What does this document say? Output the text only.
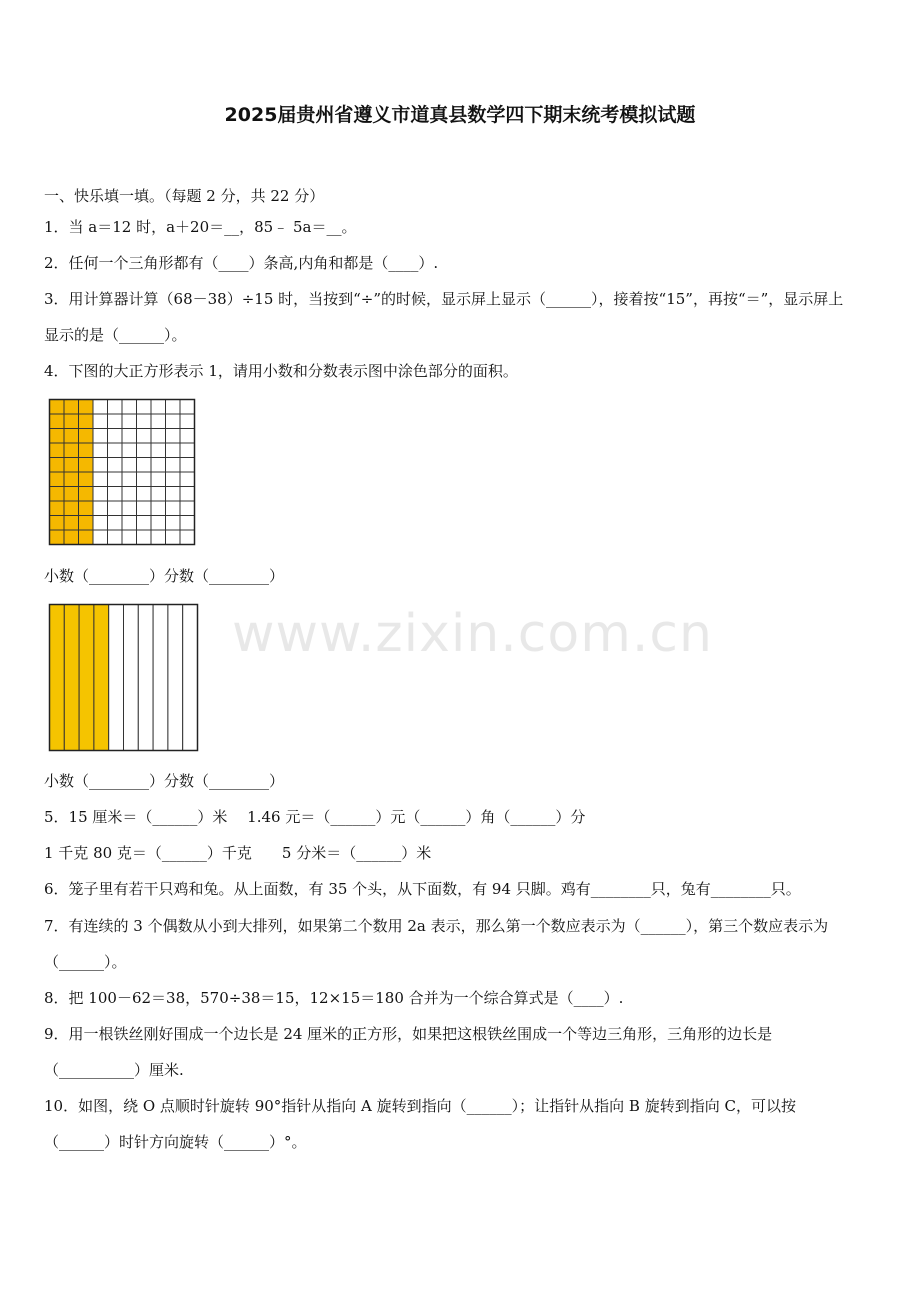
2025届贵州省遵义市道真县数学四下期末统考模拟试题
一、快乐填一填。（每题 2 分，共 22 分）
1．当 a＝12 时，a＋20＝__，85﹣ 5a＝__。
2．任何一个三角形都有（____）条高,内角和都是（____）.
3．用计算器计算（68－38）÷15 时，当按到“÷”的时候，显示屏上显示（______），接着按“15”，再按“＝”，显示屏上
显示的是（______）。
4．下图的大正方形表示 1，请用小数和分数表示图中涂色部分的面积。
小数（________）分数（________）
小数（________）分数（________）
5．15 厘米＝（______）米　 1.46 元＝（______）元（______）角（______）分
1 千克 80 克＝（______）千克　　5 分米＝（______）米
6．笼子里有若干只鸡和兔。从上面数，有 35 个头，从下面数，有 94 只脚。鸡有________只，兔有________只。
7．有连续的 3 个偶数从小到大排列，如果第二个数用 2a 表示，那么第一个数应表示为（______），第三个数应表示为
（______）。
8．把 100－62＝38，570÷38＝15，12×15＝180 合并为一个综合算式是（____）.
9．用一根铁丝刚好围成一个边长是 24 厘米的正方形，如果把这根铁丝围成一个等边三角形，三角形的边长是
（__________）厘米.
10．如图，绕 O 点顺时针旋转 90°指针从指向 A 旋转到指向（______）；让指针从指向 B 旋转到指向 C，可以按
（______）时针方向旋转（______）°。
www.zixin.com.cn
